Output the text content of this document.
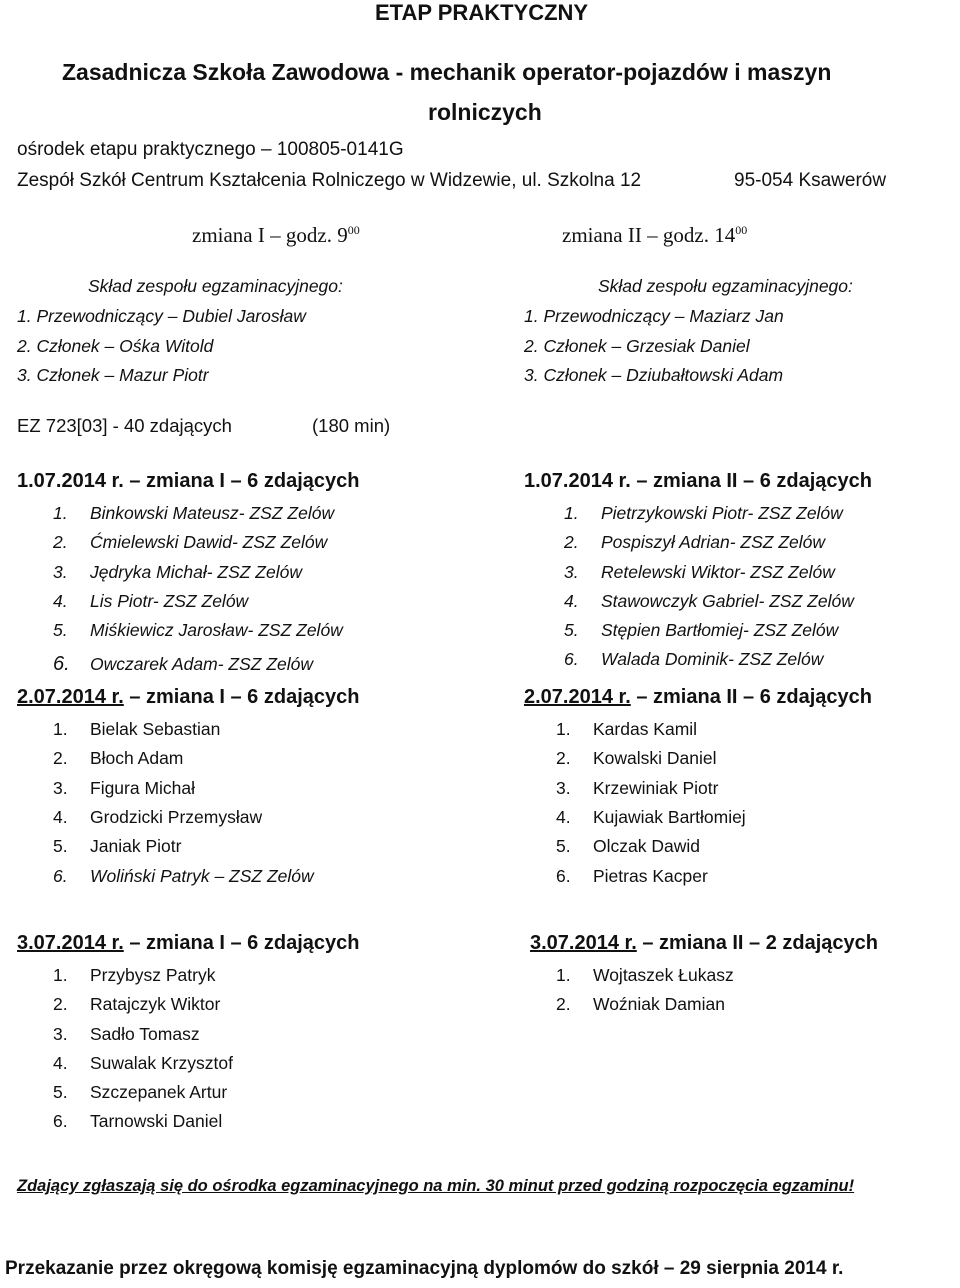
ETAP PRAKTYCZNY
Zasadnicza Szkoła Zawodowa - mechanik operator-pojazdów i maszyn
rolniczych
ośrodek etapu praktycznego – 100805-0141G
Zespół Szkół Centrum Kształcenia Rolniczego w Widzewie, ul. Szkolna 12	95-054 Ksawerów
zmiana I – godz. $9^{00}$	zmiana II – godz. $14^{00}$
Skład zespołu egzaminacyjnego:
1. Przewodniczący – Dubiel Jarosław
2. Członek – Ośka Witold
3. Członek – Mazur Piotr
Skład zespołu egzaminacyjnego:
1. Przewodniczący – Maziarz Jan
2. Członek – Grzesiak Daniel
3. Członek – Dziubałtowski Adam
EZ 723[03] - 40 zdających	(180 min)
1.07.2014 r. – zmiana I – 6 zdających
1. Binkowski Mateusz- ZSZ Zelów
2. Ćmielewski Dawid- ZSZ Zelów
3. Jędryka Michał- ZSZ Zelów
4. Lis Piotr- ZSZ Zelów
5. Miśkiewicz Jarosław- ZSZ Zelów
6. Owczarek Adam- ZSZ Zelów
1.07.2014 r. – zmiana II – 6 zdających
1. Pietrzykowski Piotr- ZSZ Zelów
2. Pospiszył Adrian- ZSZ Zelów
3. Retelewski Wiktor- ZSZ Zelów
4. Stawowczyk Gabriel- ZSZ Zelów
5. Stępien Bartłomiej- ZSZ Zelów
6. Walada Dominik- ZSZ Zelów
2.07.2014 r. – zmiana I – 6 zdających
1. Bielak Sebastian
2. Błoch Adam
3. Figura Michał
4. Grodzicki Przemysław
5. Janiak Piotr
6. Woliński Patryk – ZSZ Zelów
2.07.2014 r. – zmiana II – 6 zdających
1. Kardas Kamil
2. Kowalski Daniel
3. Krzewiniak Piotr
4. Kujawiak Bartłomiej
5. Olczak Dawid
6. Pietras Kacper
3.07.2014 r. – zmiana I – 6 zdających
1. Przybysz Patryk
2. Ratajczyk Wiktor
3. Sadło Tomasz
4. Suwalak Krzysztof
5. Szczepanek Artur
6. Tarnowski Daniel
3.07.2014 r. – zmiana II – 2 zdających
1. Wojtaszek Łukasz
2. Woźniak Damian
Zdający zgłaszają się do ośrodka egzaminacyjnego na min. 30 minut przed godziną rozpoczęcia egzaminu!
Przekazanie przez okręgową komisję egzaminacyjną dyplomów do szkół – 29 sierpnia 2014 r.
